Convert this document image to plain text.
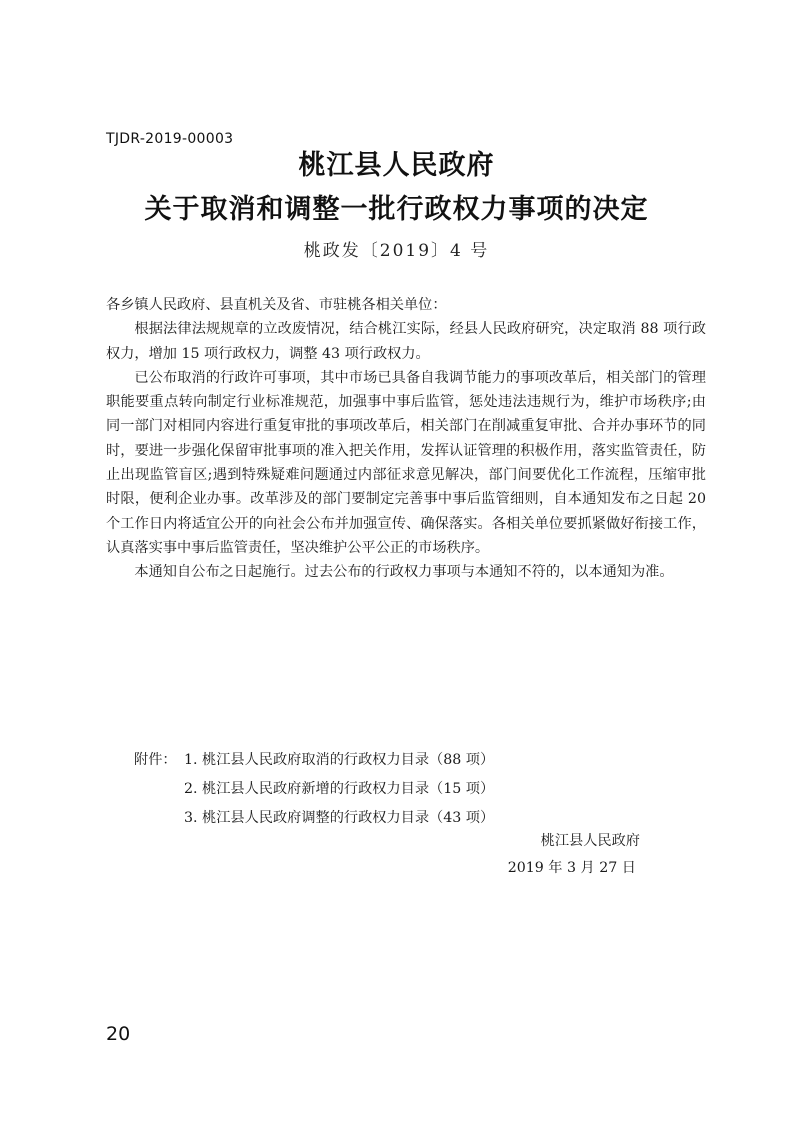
TJDR-2019-00003
桃江县人民政府
关于取消和调整一批行政权力事项的决定
桃政发〔2019〕4 号

各乡镇人民政府、县直机关及省、市驻桃各相关单位：

根据法律法规规章的立改废情况，结合桃江实际，经县人民政府研究，决定取消 88 项行政权力，增加 15 项行政权力，调整 43 项行政权力。

已公布取消的行政许可事项，其中市场已具备自我调节能力的事项改革后，相关部门的管理职能要重点转向制定行业标准规范，加强事中事后监管，惩处违法违规行为，维护市场秩序;由同一部门对相同内容进行重复审批的事项改革后，相关部门在削减重复审批、合并办事环节的同时，要进一步强化保留审批事项的准入把关作用，发挥认证管理的积极作用，落实监管责任，防止出现监管盲区;遇到特殊疑难问题通过内部征求意见解决，部门间要优化工作流程，压缩审批时限，便利企业办事。改革涉及的部门要制定完善事中事后监管细则，自本通知发布之日起 20 个工作日内将适宜公开的向社会公布并加强宣传、确保落实。各相关单位要抓紧做好衔接工作，认真落实事中事后监管责任，坚决维护公平公正的市场秩序。

本通知自公布之日起施行。过去公布的行政权力事项与本通知不符的，以本通知为准。

附件： 1. 桃江县人民政府取消的行政权力目录（88 项）
2. 桃江县人民政府新增的行政权力目录（15 项）
3. 桃江县人民政府调整的行政权力目录（43 项）
桃江县人民政府
2019 年 3 月 27 日
20
